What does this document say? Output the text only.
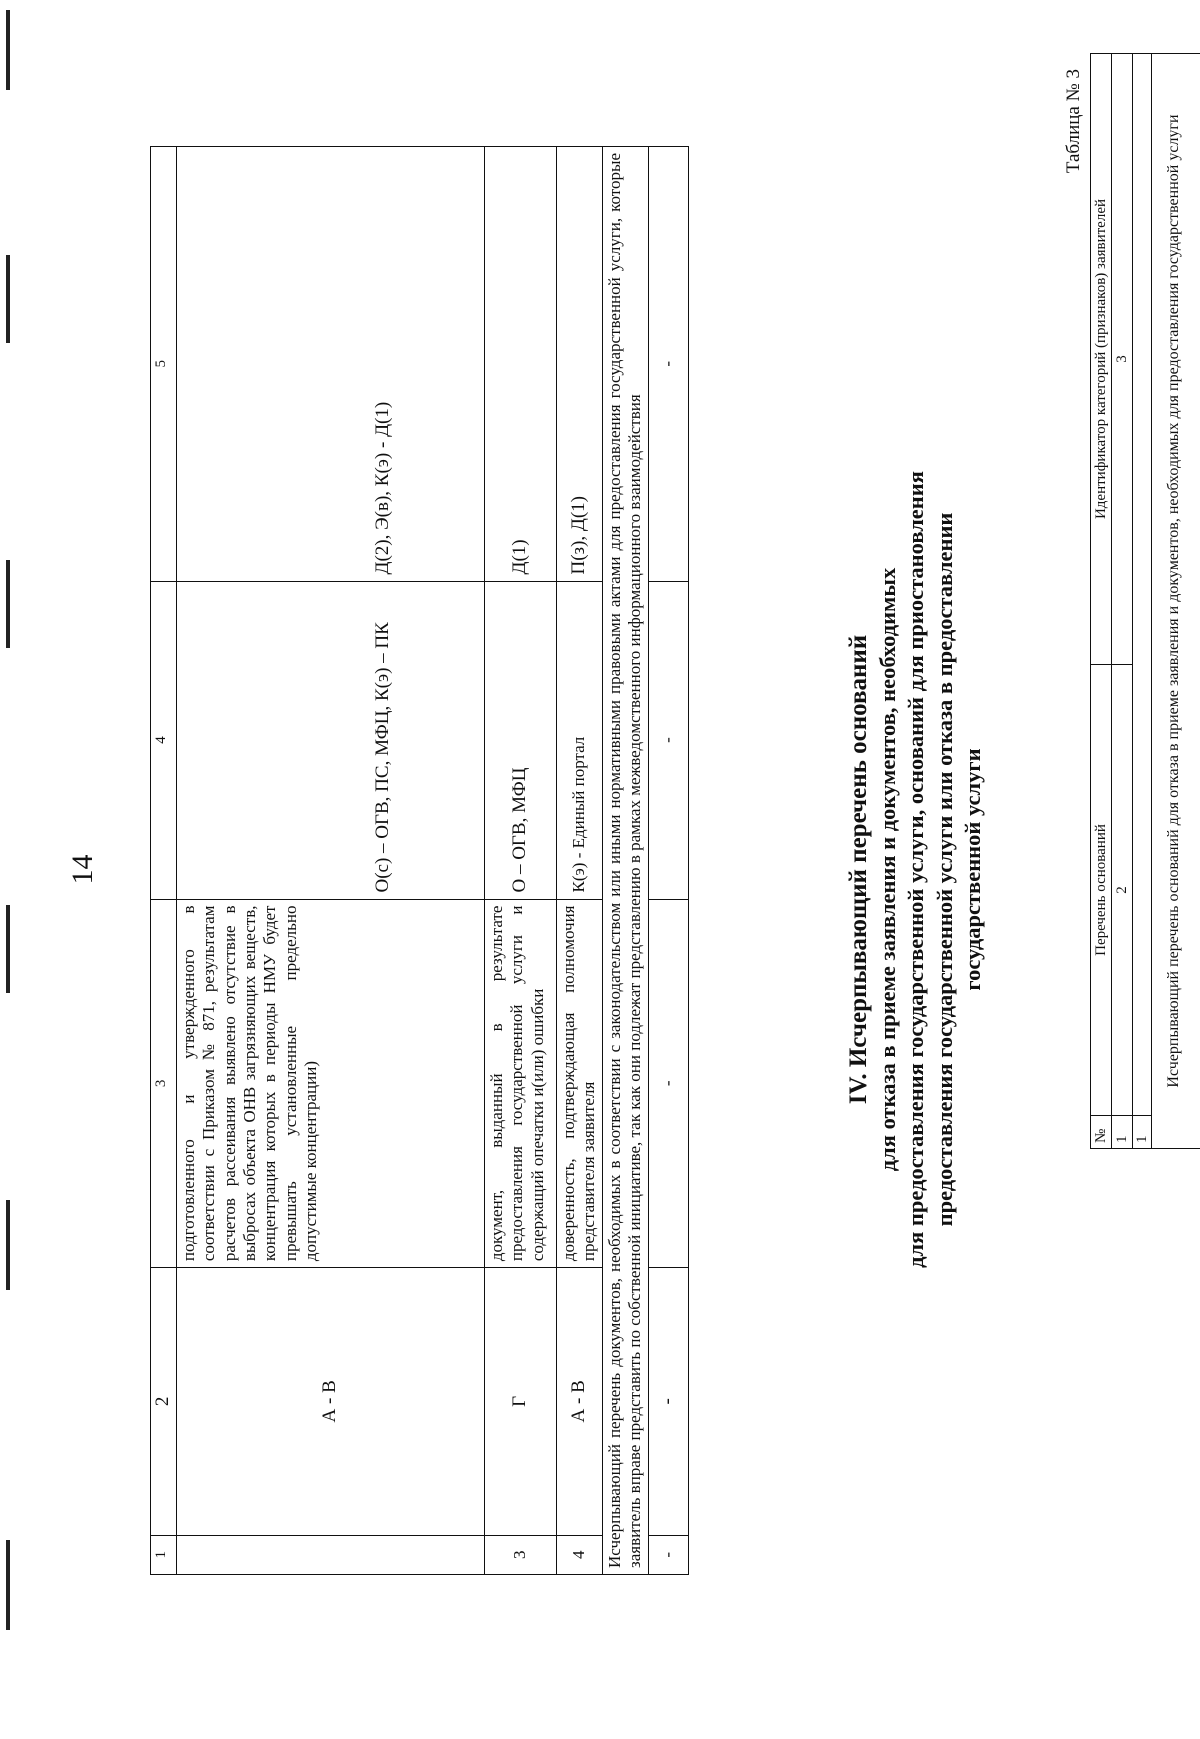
14
1	2	3	4	5
	А - В	подготовленного и утвержденного в соответствии с Приказом № 871, результатам расчетов рассеивания выявлено отсутствие в выбросах объекта ОНВ загрязняющих веществ, концентрация которых в периоды НМУ будет превышать установленные предельно допустимые концентрации)	О(с) – ОГВ, ПС, МФЦ, К(э) – ПК	Д(2), Э(в), К(э) - Д(1)
3	Г	документ, выданный в результате предоставления государственной услуги и содержащий опечатки и(или) ошибки	О – ОГВ, МФЦ	Д(1)
4	А - В	доверенность, подтверждающая полномочия представителя заявителя	К(э) - Единый портал	П(з), Д(1)
Исчерпывающий перечень документов, необходимых в соответствии с законодательством или иными нормативными правовыми актами для предоставления государственной услуги, которые заявитель вправе представить по собственной инициативе, так как они подлежат представлению в рамках межведомственного информационного взаимодействия				
-	-	-	-	-
IV. Исчерпывающий перечень оснований для отказа в приеме заявления и документов, необходимых для предоставления государственной услуги, оснований для приостановления предоставления государственной услуги или отказа в предоставлении государственной услуги
Таблица № 3
№	Перечень оснований	Идентификатор категорий (признаков) заявителей
1	2	3
1		
Исчерпывающий перечень оснований для отказа в приеме заявления и документов, необходимых для предоставления государственной услуги		
